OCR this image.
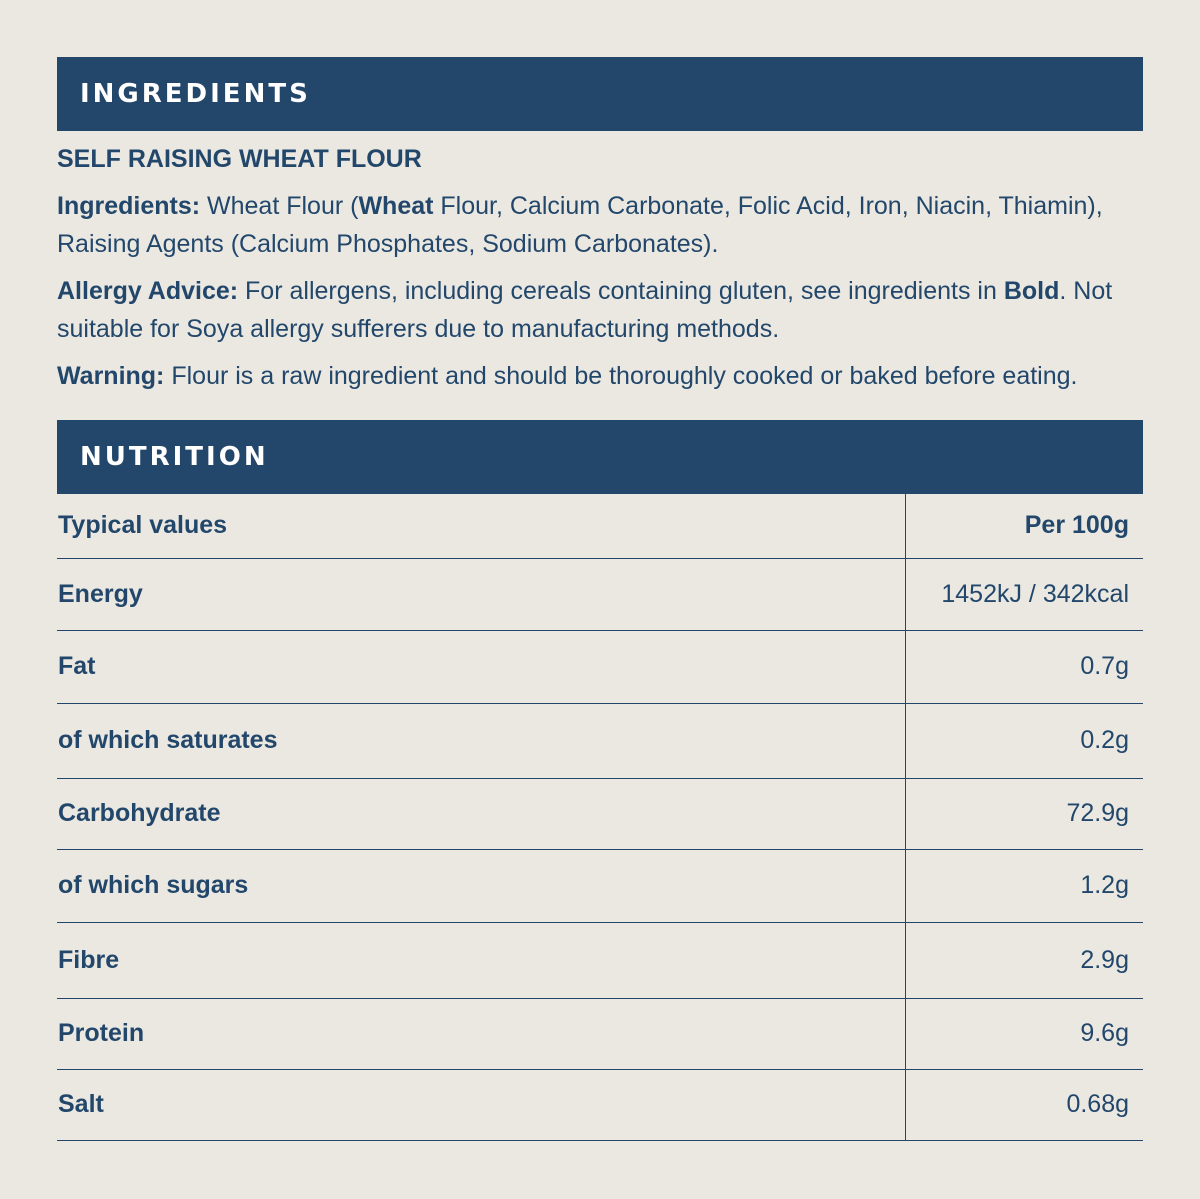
INGREDIENTS
SELF RAISING WHEAT FLOUR
Ingredients: Wheat Flour (Wheat Flour, Calcium Carbonate, Folic Acid, Iron, Niacin, Thiamin), Raising Agents (Calcium Phosphates, Sodium Carbonates).
Allergy Advice: For allergens, including cereals containing gluten, see ingredients in Bold. Not suitable for Soya allergy sufferers due to manufacturing methods.
Warning: Flour is a raw ingredient and should be thoroughly cooked or baked before eating.
NUTRITION
Typical values	Per 100g
Energy	1452kJ / 342kcal
Fat	0.7g
of which saturates	0.2g
Carbohydrate	72.9g
of which sugars	1.2g
Fibre	2.9g
Protein	9.6g
Salt	0.68g
